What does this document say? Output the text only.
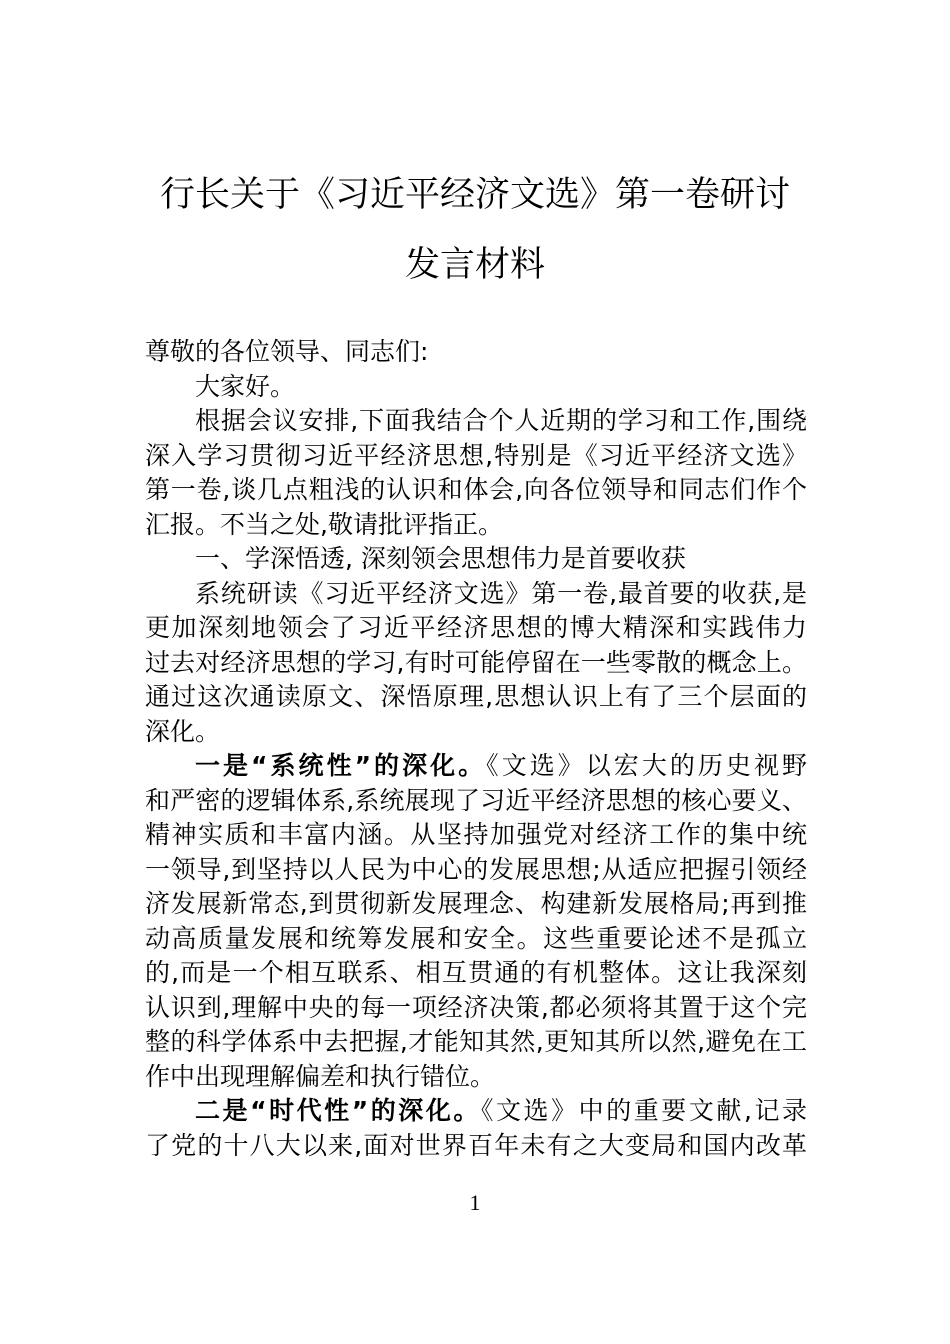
行长关于《习近平经济文选》第一卷研讨
发言材料
尊敬的各位领导、同志们:
大家好。
根据会议安排,下面我结合个人近期的学习和工作,围绕
深入学习贯彻习近平经济思想,特别是《习近平经济文选》
第一卷,谈几点粗浅的认识和体会,向各位领导和同志们作个
汇报。不当之处,敬请批评指正。
一、学深悟透, 深刻领会思想伟力是首要收获
系统研读《习近平经济文选》第一卷,最首要的收获,是
更加深刻地领会了习近平经济思想的博大精深和实践伟力
过去对经济思想的学习,有时可能停留在一些零散的概念上。
通过这次通读原文、深悟原理,思想认识上有了三个层面的
深化。
一是“系统性”的深化。《文选》以宏大的历史视野
和严密的逻辑体系,系统展现了习近平经济思想的核心要义、
精神实质和丰富内涵。从坚持加强党对经济工作的集中统
一领导,到坚持以人民为中心的发展思想;从适应把握引领经
济发展新常态,到贯彻新发展理念、构建新发展格局;再到推
动高质量发展和统筹发展和安全。这些重要论述不是孤立
的,而是一个相互联系、相互贯通的有机整体。这让我深刻
认识到,理解中央的每一项经济决策,都必须将其置于这个完
整的科学体系中去把握,才能知其然,更知其所以然,避免在工
作中出现理解偏差和执行错位。
二是“时代性”的深化。《文选》中的重要文献,记录
了党的十八大以来,面对世界百年未有之大变局和国内改革
1
